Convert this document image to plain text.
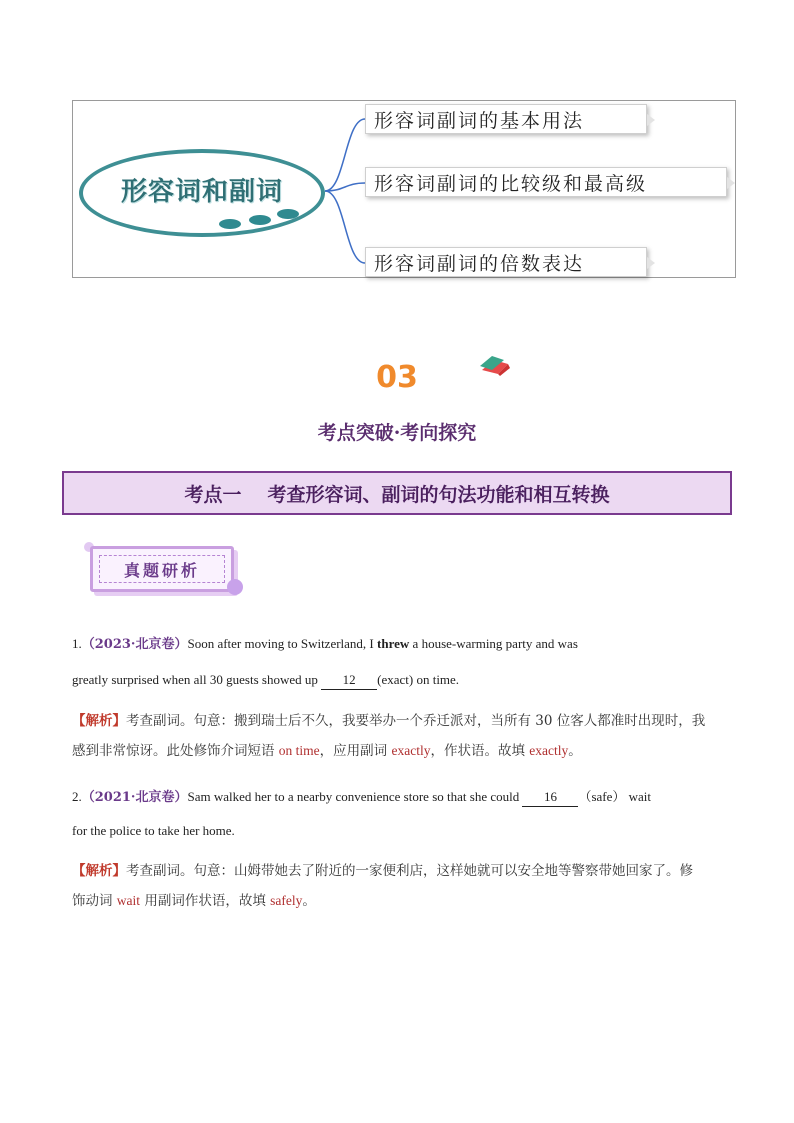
形容词和副词
形容词副词的基本用法
形容词副词的比较级和最高级
形容词副词的倍数表达
03
考点突破·考向探究
考点一 考查形容词、副词的句法功能和相互转换
真题研析
1.（2023·北京卷）Soon after moving to Switzerland, I threw a house-warming party and was
greatly surprised when all 30 guests showed up 12 (exact) on time.
【解析】考查副词。句意：搬到瑞士后不久，我要举办一个乔迁派对，当所有 30 位客人都准时出现时，我
感到非常惊讶。此处修饰介词短语 on time，应用副词 exactly，作状语。故填 exactly。
2.（2021·北京卷）Sam walked her to a nearby convenience store so that she could 16 （safe） wait
for the police to take her home.
【解析】考查副词。句意：山姆带她去了附近的一家便利店，这样她就可以安全地等警察带她回家了。修
饰动词 wait 用副词作状语，故填 safely。
